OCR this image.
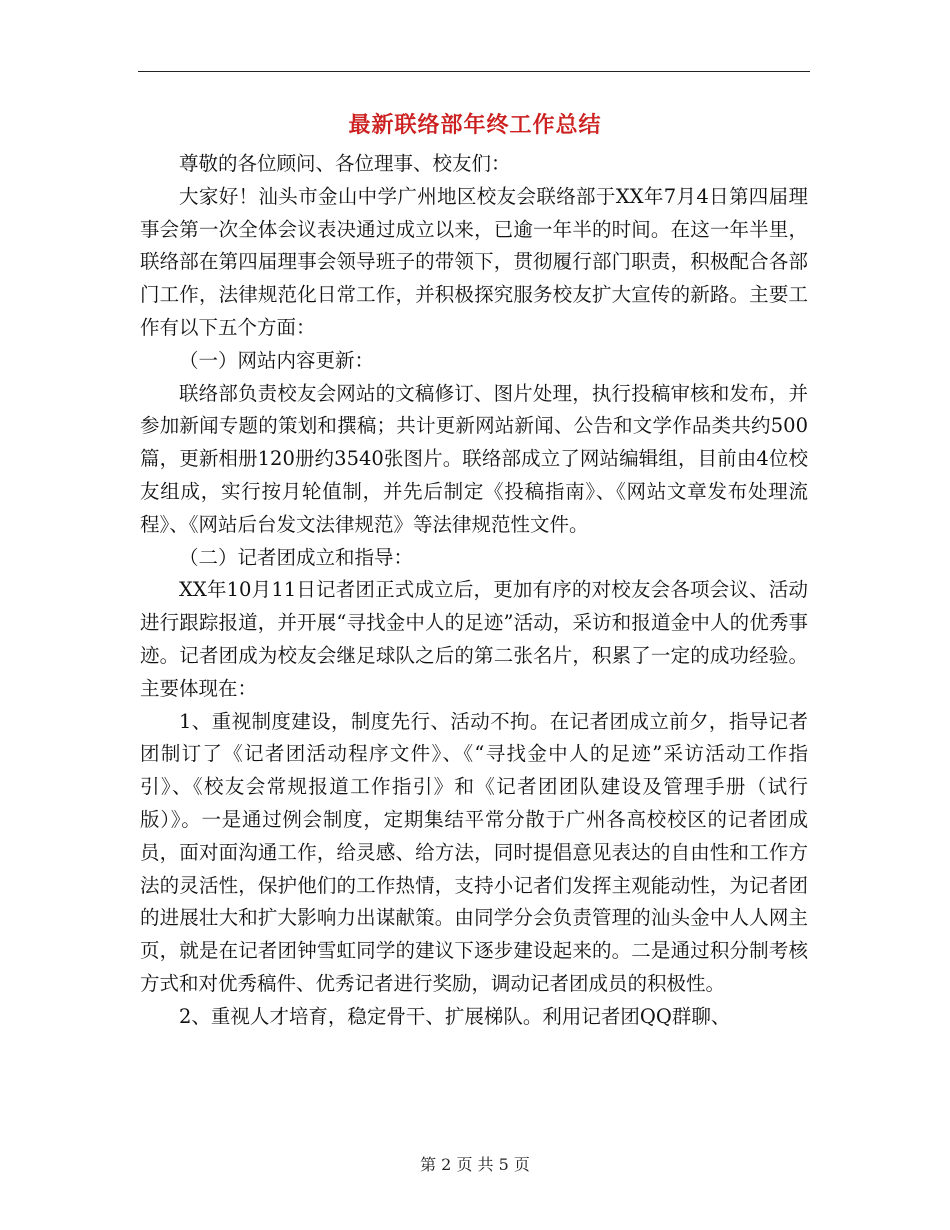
最新联络部年终工作总结

尊敬的各位顾问、各位理事、校友们：

大家好！汕头市金山中学广州地区校友会联络部于XX年7月4日第四届理事会第一次全体会议表决通过成立以来，已逾一年半的时间。在这一年半里，联络部在第四届理事会领导班子的带领下，贯彻履行部门职责，积极配合各部门工作，法律规范化日常工作，并积极探究服务校友扩大宣传的新路。主要工作有以下五个方面：

（一）网站内容更新：

联络部负责校友会网站的文稿修订、图片处理，执行投稿审核和发布，并参加新闻专题的策划和撰稿；共计更新网站新闻、公告和文学作品类共约500篇，更新相册120册约3540张图片。联络部成立了网站编辑组，目前由4位校友组成，实行按月轮值制，并先后制定《投稿指南》、《网站文章发布处理流程》、《网站后台发文法律规范》等法律规范性文件。

（二）记者团成立和指导：

XX年10月11日记者团正式成立后，更加有序的对校友会各项会议、活动进行跟踪报道，并开展“寻找金中人的足迹”活动，采访和报道金中人的优秀事迹。记者团成为校友会继足球队之后的第二张名片，积累了一定的成功经验。主要体现在：

1、重视制度建设，制度先行、活动不拘。在记者团成立前夕，指导记者团制订了《记者团活动程序文件》、《“寻找金中人的足迹”采访活动工作指引》、《校友会常规报道工作指引》和《记者团团队建设及管理手册（试行版）》。一是通过例会制度，定期集结平常分散于广州各高校校区的记者团成员，面对面沟通工作，给灵感、给方法，同时提倡意见表达的自由性和工作方法的灵活性，保护他们的工作热情，支持小记者们发挥主观能动性，为记者团的进展壮大和扩大影响力出谋献策。由同学分会负责管理的汕头金中人人网主页，就是在记者团钟雪虹同学的建议下逐步建设起来的。二是通过积分制考核方式和对优秀稿件、优秀记者进行奖励，调动记者团成员的积极性。

2、重视人才培育，稳定骨干、扩展梯队。利用记者团QQ群聊、

第 2 页 共 5 页
